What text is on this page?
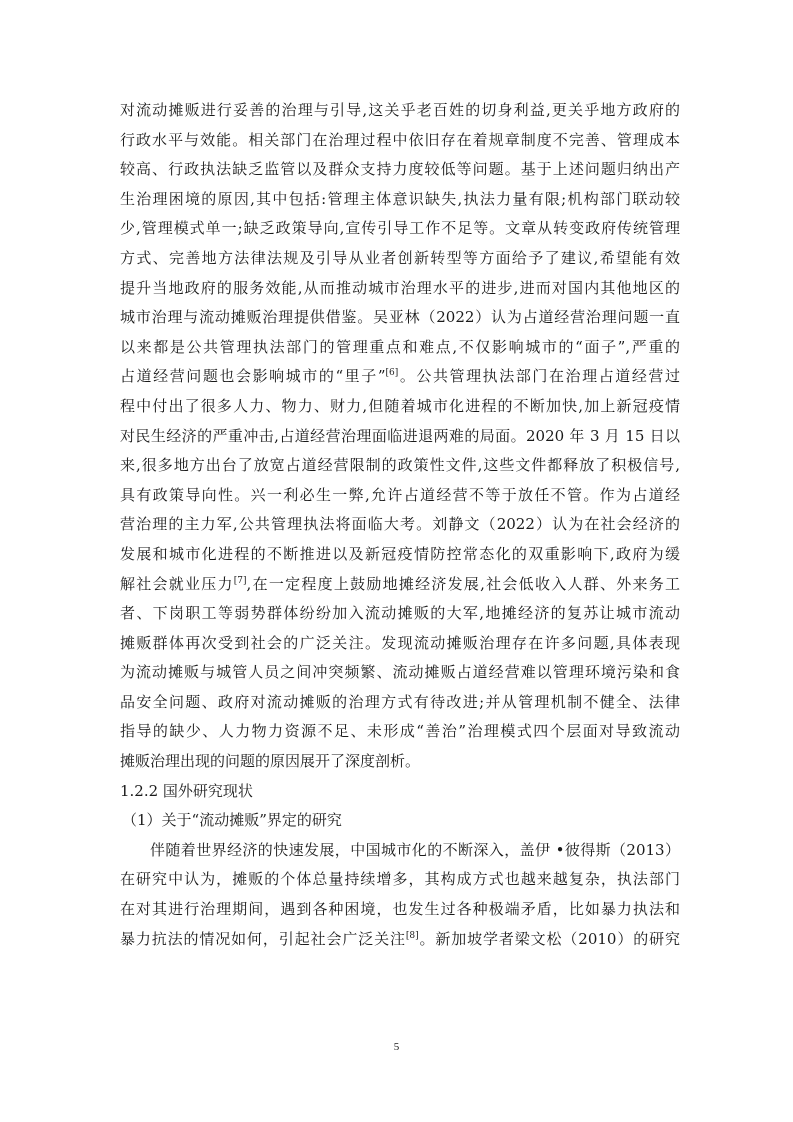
对流动摊贩进行妥善的治理与引导,这关乎老百姓的切身利益,更关乎地方政府的
行政水平与效能。相关部门在治理过程中依旧存在着规章制度不完善、管理成本
较高、行政执法缺乏监管以及群众支持力度较低等问题。基于上述问题归纳出产
生治理困境的原因,其中包括:管理主体意识缺失,执法力量有限;机构部门联动较
少,管理模式单一;缺乏政策导向,宣传引导工作不足等。文章从转变政府传统管理
方式、完善地方法律法规及引导从业者创新转型等方面给予了建议,希望能有效
提升当地政府的服务效能,从而推动城市治理水平的进步,进而对国内其他地区的
城市治理与流动摊贩治理提供借鉴。吴亚林（2022）认为占道经营治理问题一直
以来都是公共管理执法部门的管理重点和难点,不仅影响城市的“面子”,严重的
占道经营问题也会影响城市的“里子”[6]。公共管理执法部门在治理占道经营过
程中付出了很多人力、物力、财力,但随着城市化进程的不断加快,加上新冠疫情
对民生经济的严重冲击,占道经营治理面临进退两难的局面。2020 年 3 月 15 日以
来,很多地方出台了放宽占道经营限制的政策性文件,这些文件都释放了积极信号,
具有政策导向性。兴一利必生一弊,允许占道经营不等于放任不管。作为占道经
营治理的主力军,公共管理执法将面临大考。刘静文（2022）认为在社会经济的
发展和城市化进程的不断推进以及新冠疫情防控常态化的双重影响下,政府为缓
解社会就业压力[7],在一定程度上鼓励地摊经济发展,社会低收入人群、外来务工
者、下岗职工等弱势群体纷纷加入流动摊贩的大军,地摊经济的复苏让城市流动
摊贩群体再次受到社会的广泛关注。发现流动摊贩治理存在许多问题,具体表现
为流动摊贩与城管人员之间冲突频繁、流动摊贩占道经营难以管理环境污染和食
品安全问题、政府对流动摊贩的治理方式有待改进;并从管理机制不健全、法律
指导的缺少、人力物力资源不足、未形成“善治”治理模式四个层面对导致流动
摊贩治理出现的问题的原因展开了深度剖析。
1.2.2 国外研究现状
（1）关于“流动摊贩”界定的研究
伴随着世界经济的快速发展，中国城市化的不断深入，盖伊 •彼得斯（2013）
在研究中认为，摊贩的个体总量持续增多，其构成方式也越来越复杂，执法部门
在对其进行治理期间，遇到各种困境，也发生过各种极端矛盾，比如暴力执法和
暴力抗法的情况如何，引起社会广泛关注[8]。新加坡学者梁文松（2010）的研究
5
